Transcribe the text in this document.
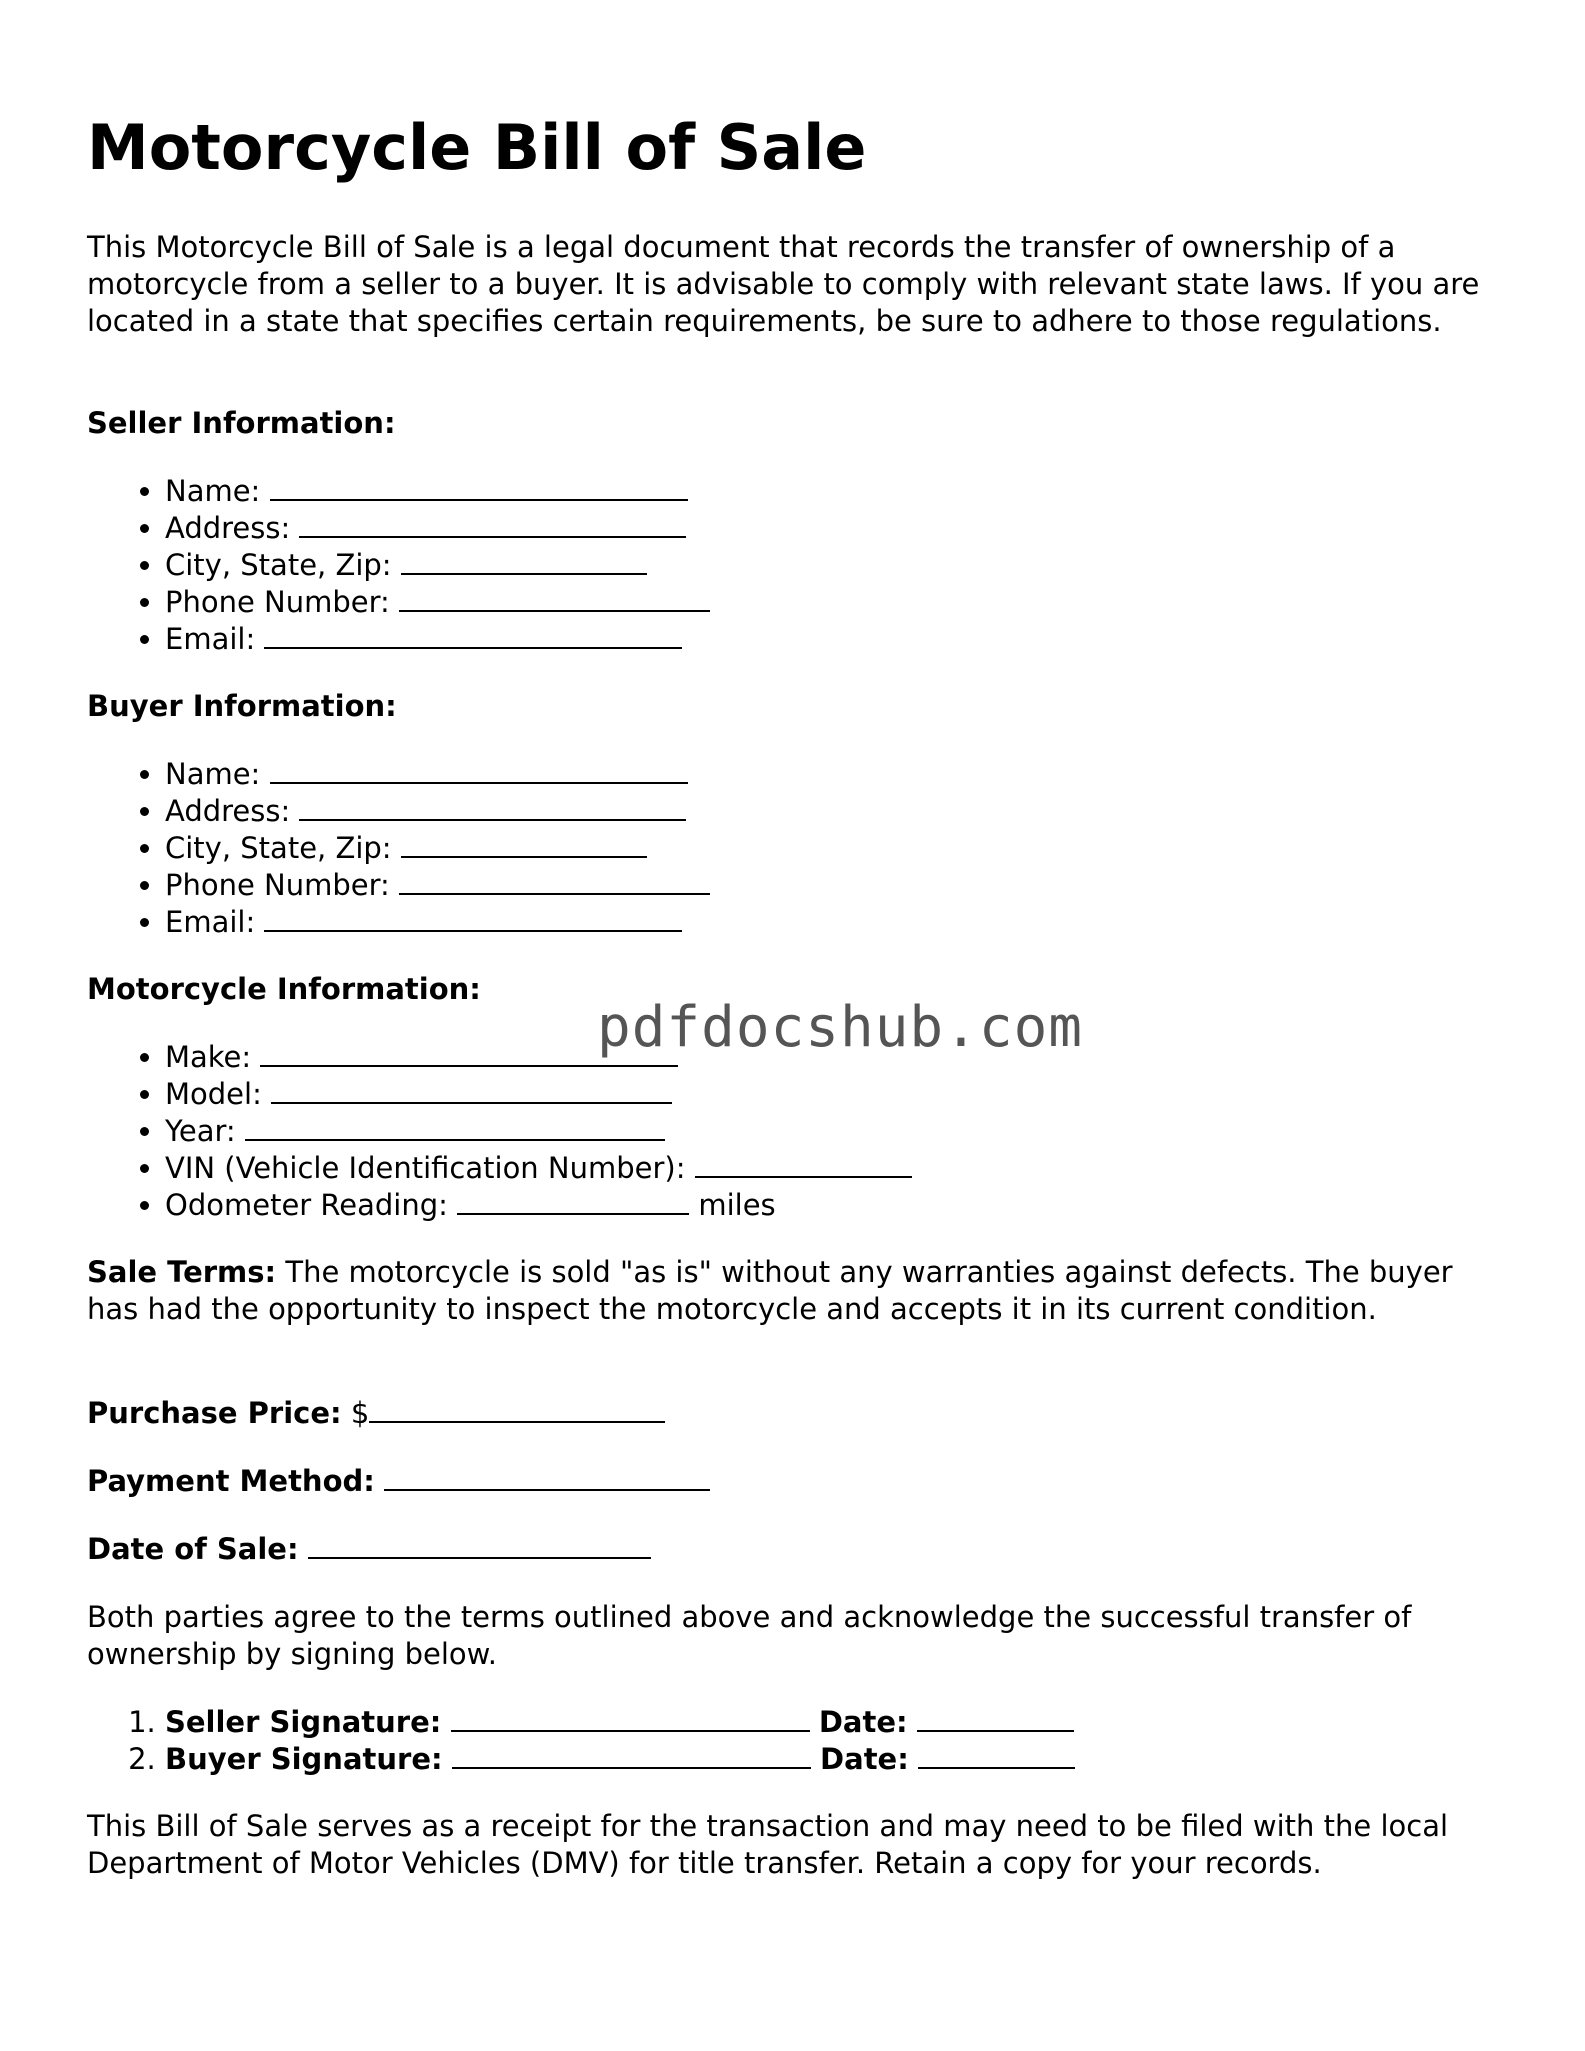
Motorcycle Bill of Sale

This Motorcycle Bill of Sale is a legal document that records the transfer of ownership of a motorcycle from a seller to a buyer. It is advisable to comply with relevant state laws. If you are located in a state that specifies certain requirements, be sure to adhere to those regulations.

Seller Information:

• Name:
• Address:
• City, State, Zip:
• Phone Number:
• Email:

Buyer Information:

• Name:
• Address:
• City, State, Zip:
• Phone Number:
• Email:

Motorcycle Information:

• Make:
• Model:
• Year:
• VIN (Vehicle Identification Number):
• Odometer Reading:	miles
pdfdocshub.com

Sale Terms: The motorcycle is sold "as is" without any warranties against defects. The buyer has had the opportunity to inspect the motorcycle and accepts it in its current condition.

Purchase Price: $

Payment Method:

Date of Sale:

Both parties agree to the terms outlined above and acknowledge the successful transfer of ownership by signing below.

1. Seller Signature:	Date:
2. Buyer Signature:	Date:

This Bill of Sale serves as a receipt for the transaction and may need to be filed with the local Department of Motor Vehicles (DMV) for title transfer. Retain a copy for your records.
